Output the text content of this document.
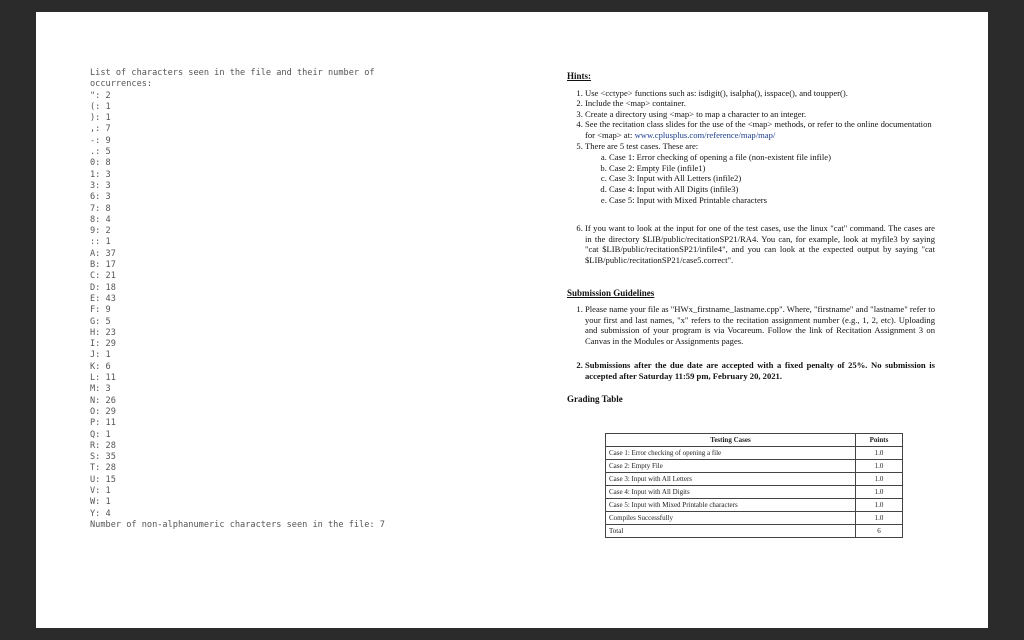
List of characters seen in the file and their number of
occurrences:
": 2
(: 1
): 1
,: 7
-: 9
.: 5
0: 8
1: 3
3: 3
6: 3
7: 8
8: 4
9: 2
:: 1
A: 37
B: 17
C: 21
D: 18
E: 43
F: 9
G: 5
H: 23
I: 29
J: 1
K: 6
L: 11
M: 3
N: 26
O: 29
P: 11
Q: 1
R: 28
S: 35
T: 28
U: 15
V: 1
W: 1
Y: 4
Number of non-alphanumeric characters seen in the file: 7
Hints:
1. Use <cctype> functions such as: isdigit(), isalpha(), isspace(), and toupper().
2. Include the <map> container.
3. Create a directory using <map> to map a character to an integer.
4. See the recitation class slides for the use of the <map> methods, or refer to the online documentation for <map> at: www.cplusplus.com/reference/map/map/
5. There are 5 test cases. These are:
a. Case 1: Error checking of opening a file (non-existent file infile)
b. Case 2: Empty File (infile1)
c. Case 3: Input with All Letters (infile2)
d. Case 4: Input with All Digits (infile3)
e. Case 5: Input with Mixed Printable characters
6. If you want to look at the input for one of the test cases, use the linux "cat" command. The cases are in the directory $LIB/public/recitationSP21/RA4. You can, for example, look at myfile3 by saying "cat $LIB/public/recitationSP21/infile4", and you can look at the expected output by saying "cat $LIB/public/recitationSP21/case5.correct".
Submission Guidelines
1. Please name your file as "HWx_firstname_lastname.cpp". Where, "firstname" and "lastname" refer to your first and last names, "x" refers to the recitation assignment number (e.g., 1, 2, etc). Uploading and submission of your program is via Vocareum. Follow the link of Recitation Assignment 3 on Canvas in the Modules or Assignments pages.
2. Submissions after the due date are accepted with a fixed penalty of 25%. No submission is accepted after Saturday 11:59 pm, February 20, 2021.
Grading Table
Testing Cases	Points
Case 1: Error checking of opening a file	1.0
Case 2: Empty File	1.0
Case 3: Input with All Letters	1.0
Case 4: Input with All Digits	1.0
Case 5: Input with Mixed Printable characters	1.0
Compiles Successfully	1.0
Total	6
